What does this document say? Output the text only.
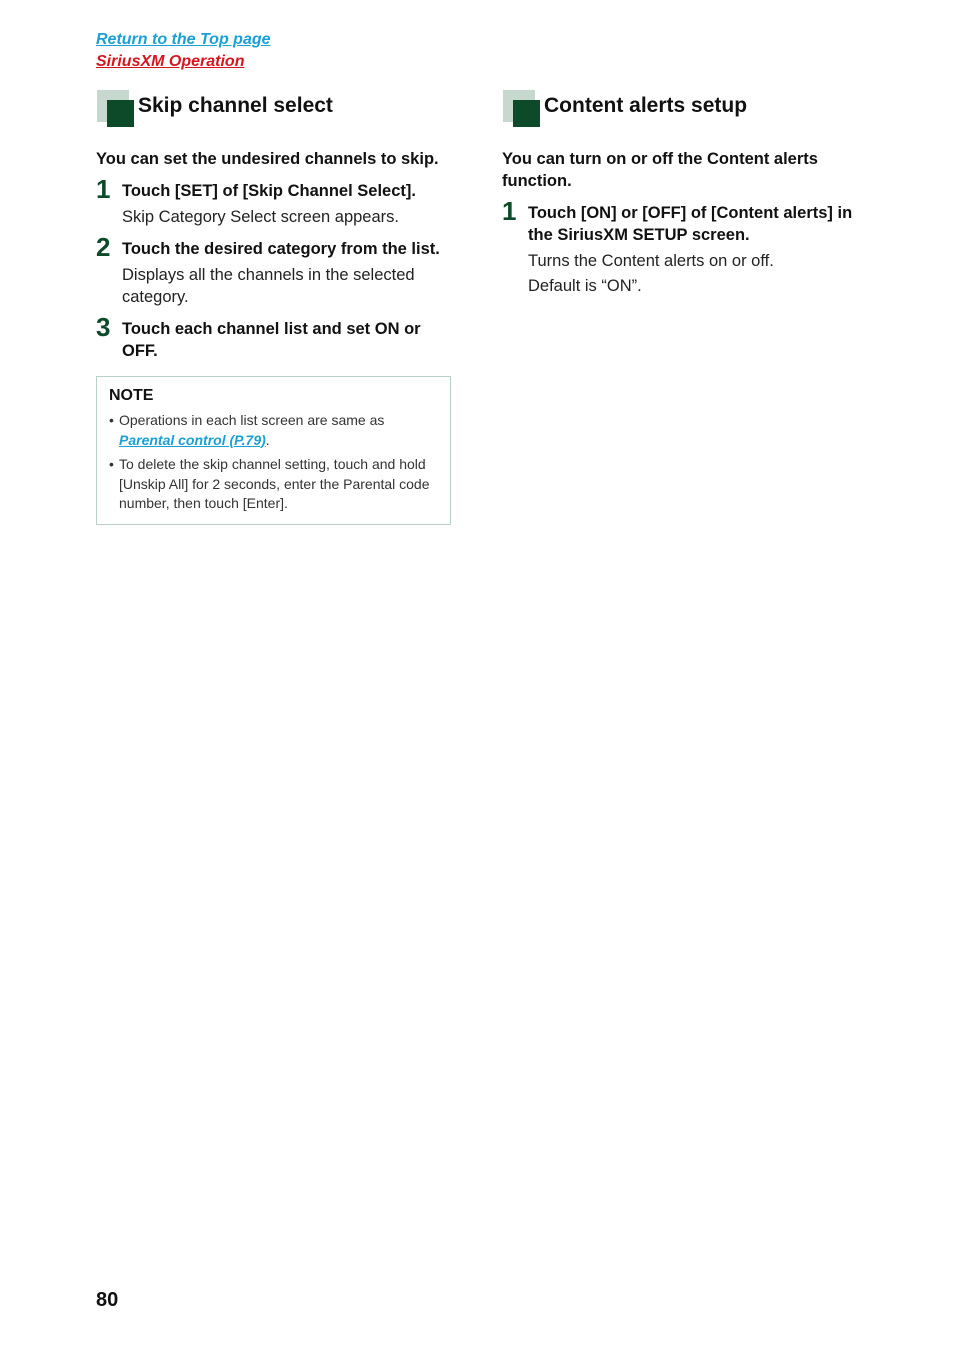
Return to the Top page
SiriusXM Operation
Skip channel select

You can set the undesired channels to skip.

1 Touch [SET] of [Skip Channel Select].

Skip Category Select screen appears.

2 Touch the desired category from the list.

Displays all the channels in the selected category.

3 Touch each channel list and set ON or OFF.

NOTE

• Operations in each list screen are same as Parental control (P.79).
• To delete the skip channel setting, touch and hold [Unskip All] for 2 seconds, enter the Parental code number, then touch [Enter].
Content alerts setup

You can turn on or off the Content alerts function.

1 Touch [ON] or [OFF] of [Content alerts] in the SiriusXM SETUP screen.

Turns the Content alerts on or off.

Default is “ON”.

80
